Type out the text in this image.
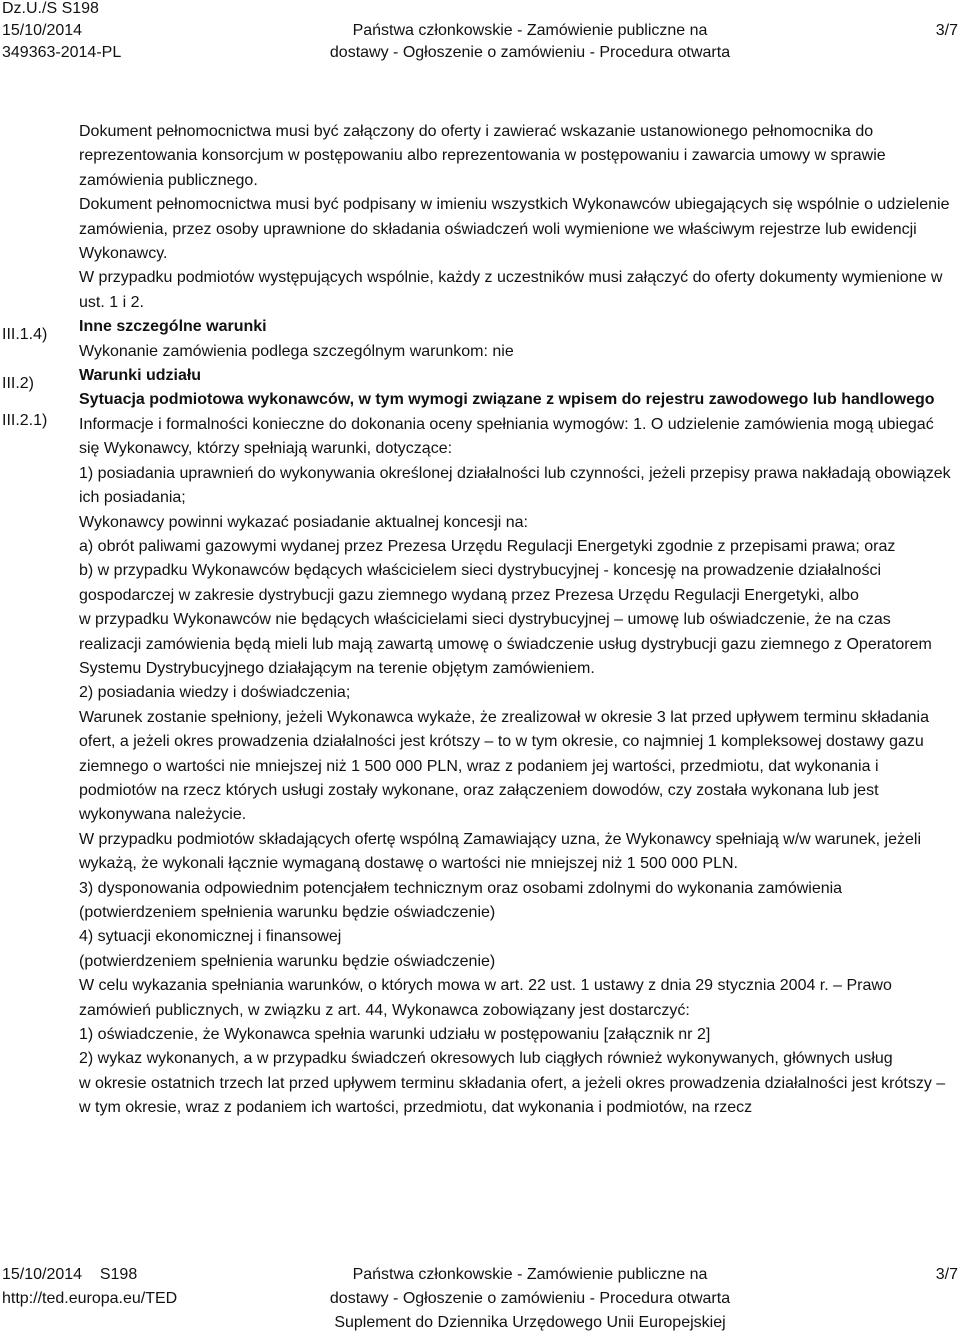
Dz.U./S S198
15/10/2014
349363-2014-PL
Państwa członkowskie - Zamówienie publiczne na
dostawy - Ogłoszenie o zamówieniu - Procedura otwarta
3/7
III.1.4)
III.2)
III.2.1)

Dokument pełnomocnictwa musi być załączony do oferty i zawierać wskazanie ustanowionego pełnomocnika do reprezentowania konsorcjum w postępowaniu albo reprezentowania w postępowaniu i zawarcia umowy w sprawie zamówienia publicznego.

Dokument pełnomocnictwa musi być podpisany w imieniu wszystkich Wykonawców ubiegających się wspólnie o udzielenie zamówienia, przez osoby uprawnione do składania oświadczeń woli wymienione we właściwym rejestrze lub ewidencji Wykonawcy.

W przypadku podmiotów występujących wspólnie, każdy z uczestników musi załączyć do oferty dokumenty wymienione w ust. 1 i 2.

Inne szczególne warunki

Wykonanie zamówienia podlega szczególnym warunkom: nie

Warunki udziału

Sytuacja podmiotowa wykonawców, w tym wymogi związane z wpisem do rejestru zawodowego lub handlowego

Informacje i formalności konieczne do dokonania oceny spełniania wymogów: 1. O udzielenie zamówienia mogą ubiegać się Wykonawcy, którzy spełniają warunki, dotyczące:

1) posiadania uprawnień do wykonywania określonej działalności lub czynności, jeżeli przepisy prawa nakładają obowiązek ich posiadania;

Wykonawcy powinni wykazać posiadanie aktualnej koncesji na:

a) obrót paliwami gazowymi wydanej przez Prezesa Urzędu Regulacji Energetyki zgodnie z przepisami prawa; oraz

b) w przypadku Wykonawców będących właścicielem sieci dystrybucyjnej - koncesję na prowadzenie działalności gospodarczej w zakresie dystrybucji gazu ziemnego wydaną przez Prezesa Urzędu Regulacji Energetyki, albo

w przypadku Wykonawców nie będących właścicielami sieci dystrybucyjnej – umowę lub oświadczenie, że na czas realizacji zamówienia będą mieli lub mają zawartą umowę o świadczenie usług dystrybucji gazu ziemnego z Operatorem Systemu Dystrybucyjnego działającym na terenie objętym zamówieniem.

2) posiadania wiedzy i doświadczenia;

Warunek zostanie spełniony, jeżeli Wykonawca wykaże, że zrealizował w okresie 3 lat przed upływem terminu składania ofert, a jeżeli okres prowadzenia działalności jest krótszy – to w tym okresie, co najmniej 1 kompleksowej dostawy gazu ziemnego o wartości nie mniejszej niż 1 500 000 PLN, wraz z podaniem jej wartości, przedmiotu, dat wykonania i podmiotów na rzecz których usługi zostały wykonane, oraz załączeniem dowodów, czy została wykonana lub jest wykonywana należycie.

W przypadku podmiotów składających ofertę wspólną Zamawiający uzna, że Wykonawcy spełniają w/w warunek, jeżeli wykażą, że wykonali łącznie wymaganą dostawę o wartości nie mniejszej niż 1 500 000 PLN.

3) dysponowania odpowiednim potencjałem technicznym oraz osobami zdolnymi do wykonania zamówienia

(potwierdzeniem spełnienia warunku będzie oświadczenie)

4) sytuacji ekonomicznej i finansowej

(potwierdzeniem spełnienia warunku będzie oświadczenie)

W celu wykazania spełniania warunków, o których mowa w art. 22 ust. 1 ustawy z dnia 29 stycznia 2004 r. – Prawo zamówień publicznych, w związku z art. 44, Wykonawca zobowiązany jest dostarczyć:

1) oświadczenie, że Wykonawca spełnia warunki udziału w postępowaniu [załącznik nr 2]

2) wykaz wykonanych, a w przypadku świadczeń okresowych lub ciągłych również wykonywanych, głównych usług

w okresie ostatnich trzech lat przed upływem terminu składania ofert, a jeżeli okres prowadzenia działalności jest krótszy – w tym okresie, wraz z podaniem ich wartości, przedmiotu, dat wykonania i podmiotów, na rzecz

15/10/2014 S198
http://ted.europa.eu/TED
Państwa członkowskie - Zamówienie publiczne na
dostawy - Ogłoszenie o zamówieniu - Procedura otwarta
Suplement do Dziennika Urzędowego Unii Europejskiej
3/7
